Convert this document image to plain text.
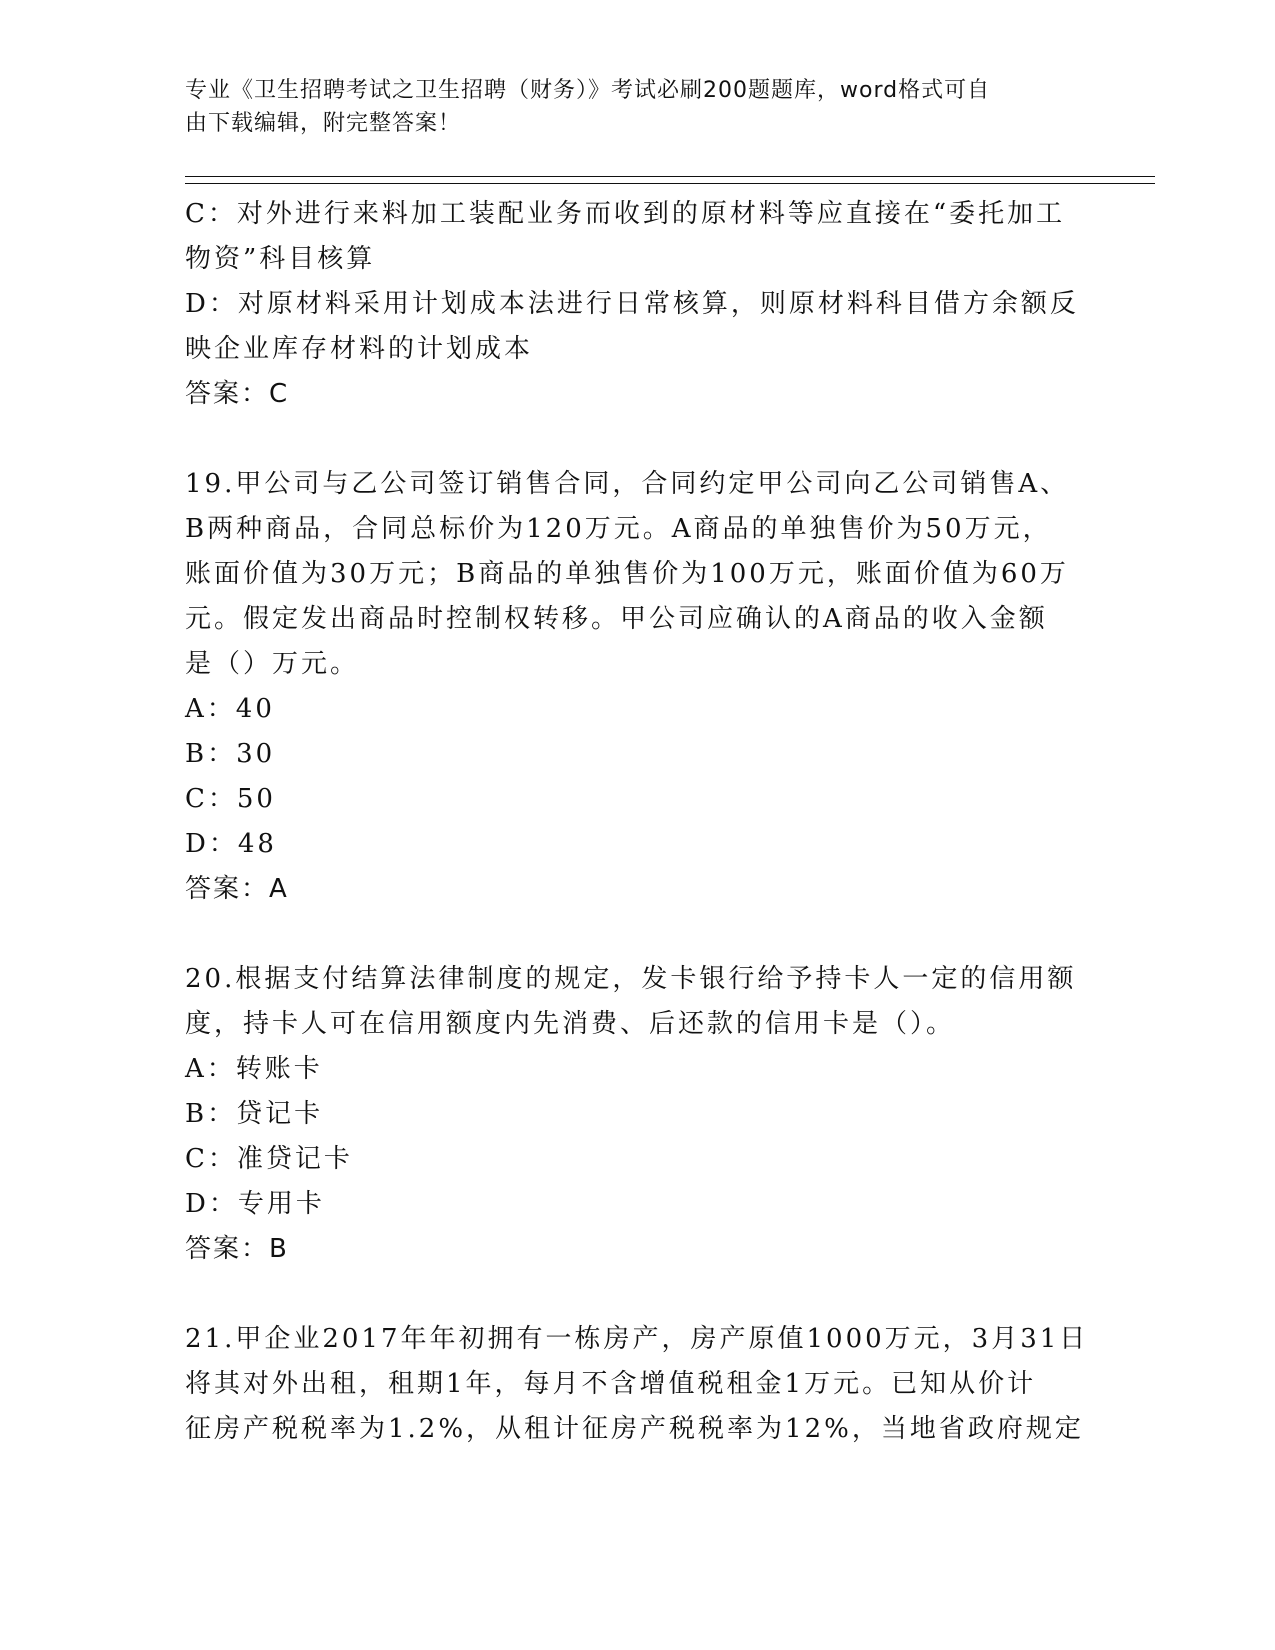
专业《卫生招聘考试之卫生招聘（财务）》考试必刷200题题库，word格式可自
由下载编辑，附完整答案！
C：对外进行来料加工装配业务而收到的原材料等应直接在“委托加工
物资”科目核算
D：对原材料采用计划成本法进行日常核算，则原材料科目借方余额反
映企业库存材料的计划成本
答案：C
19.甲公司与乙公司签订销售合同，合同约定甲公司向乙公司销售A、
B两种商品，合同总标价为120万元。A商品的单独售价为50万元，
账面价值为30万元；B商品的单独售价为100万元，账面价值为60万
元。假定发出商品时控制权转移。甲公司应确认的A商品的收入金额
是（）万元。
A：40
B：30
C：50
D：48
答案：A
20.根据支付结算法律制度的规定，发卡银行给予持卡人一定的信用额
度，持卡人可在信用额度内先消费、后还款的信用卡是（）。
A：转账卡
B：贷记卡
C：准贷记卡
D：专用卡
答案：B
21.甲企业2017年年初拥有一栋房产，房产原值1000万元，3月31日
将其对外出租，租期1年，每月不含增值税租金1万元。已知从价计
征房产税税率为1.2%，从租计征房产税税率为12%，当地省政府规定
